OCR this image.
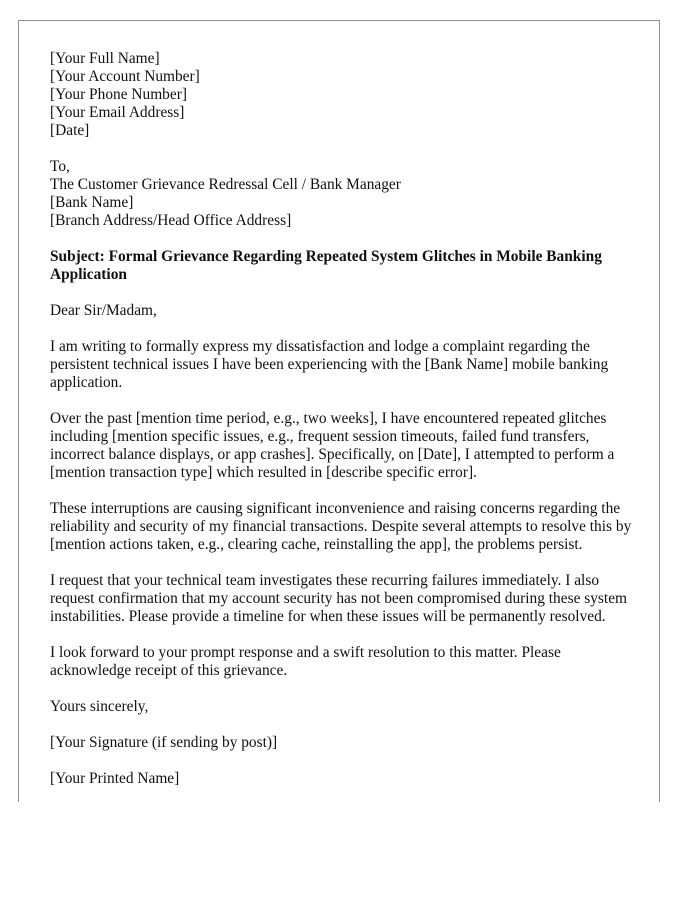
[Your Full Name]
[Your Account Number]
[Your Phone Number]
[Your Email Address]
[Date]
To,
The Customer Grievance Redressal Cell / Bank Manager
[Bank Name]
[Branch Address/Head Office Address]
Subject: Formal Grievance Regarding Repeated System Glitches in Mobile Banking Application
Dear Sir/Madam,

I am writing to formally express my dissatisfaction and lodge a complaint regarding the persistent technical issues I have been experiencing with the [Bank Name] mobile banking application.

Over the past [mention time period, e.g., two weeks], I have encountered repeated glitches including [mention specific issues, e.g., frequent session timeouts, failed fund transfers, incorrect balance displays, or app crashes]. Specifically, on [Date], I attempted to perform a [mention transaction type] which resulted in [describe specific error].

These interruptions are causing significant inconvenience and raising concerns regarding the reliability and security of my financial transactions. Despite several attempts to resolve this by [mention actions taken, e.g., clearing cache, reinstalling the app], the problems persist.

I request that your technical team investigates these recurring failures immediately. I also request confirmation that my account security has not been compromised during these system instabilities. Please provide a timeline for when these issues will be permanently resolved.

I look forward to your prompt response and a swift resolution to this matter. Please acknowledge receipt of this grievance.

Yours sincerely,
[Your Signature (if sending by post)]
[Your Printed Name]
